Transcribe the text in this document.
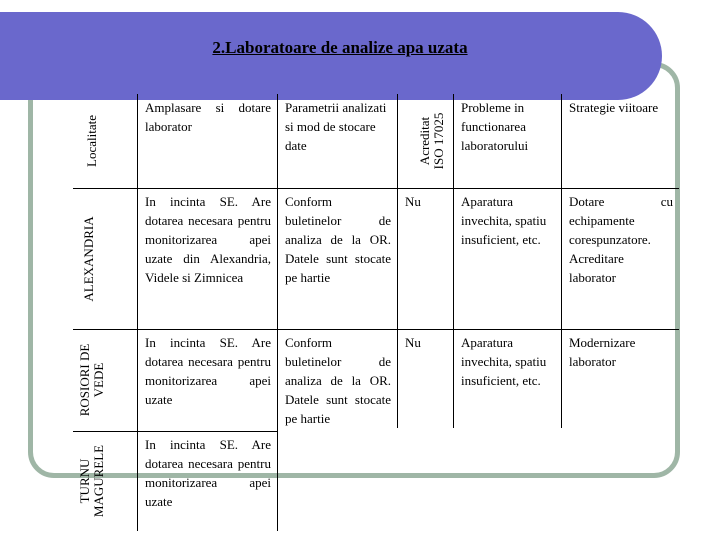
2.Laboratoare de analize apa uzata
Localitate	Amplasare si dotare laborator	Parametrii analizati si mod de stocare date	Acreditat ISO 17025	Probleme in functionarea laboratorului	Strategie viitoare

ALEXANDRIA	In incinta SE. Are dotarea necesara pentru monitorizarea apei uzate din Alexandria, Videle si Zimnicea	Conform buletinelor de analiza de la OR. Datele sunt stocate pe hartie	Nu	Aparatura invechita, spatiu insuficient, etc.	Dotare cu echipamente corespunzatore. Acreditare laborator

ROSIORI DE VEDE	In incinta SE. Are dotarea necesara pentru monitorizarea apei uzate	Conform buletinelor de analiza de la OR. Datele sunt stocate pe hartie	Nu	Aparatura invechita, spatiu insuficient, etc.	Modernizare laborator

TURNU MAGURELE	In incinta SE. Are dotarea necesara pentru monitorizarea apei uzate				
